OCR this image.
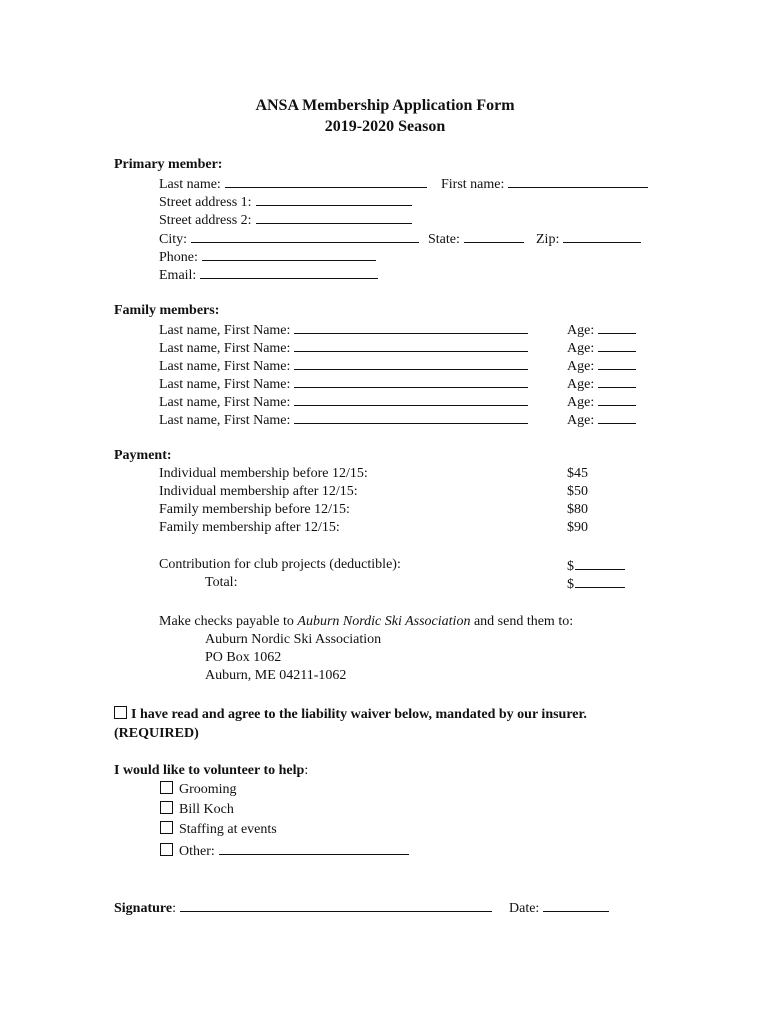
ANSA Membership Application Form
2019-2020 Season
Primary member:
Last name:	First name:
Street address 1:
Street address 2:
City:	State:	Zip:
Phone:
Email:
Family members:
Last name, First Name:	Age:
Last name, First Name:	Age:
Last name, First Name:	Age:
Last name, First Name:	Age:
Last name, First Name:	Age:
Last name, First Name:	Age:
Payment:
Individual membership before 12/15:	$45
Individual membership after 12/15:	$50
Family membership before 12/15:	$80
Family membership after 12/15:	$90
Contribution for club projects (deductible):	$
Total:	$
Make checks payable to Auburn Nordic Ski Association and send them to:
Auburn Nordic Ski Association
PO Box 1062
Auburn, ME 04211-1062
I have read and agree to the liability waiver below, mandated by our insurer.
(REQUIRED)
I would like to volunteer to help:
Grooming
Bill Koch
Staffing at events
Other:
Signature:	Date:
